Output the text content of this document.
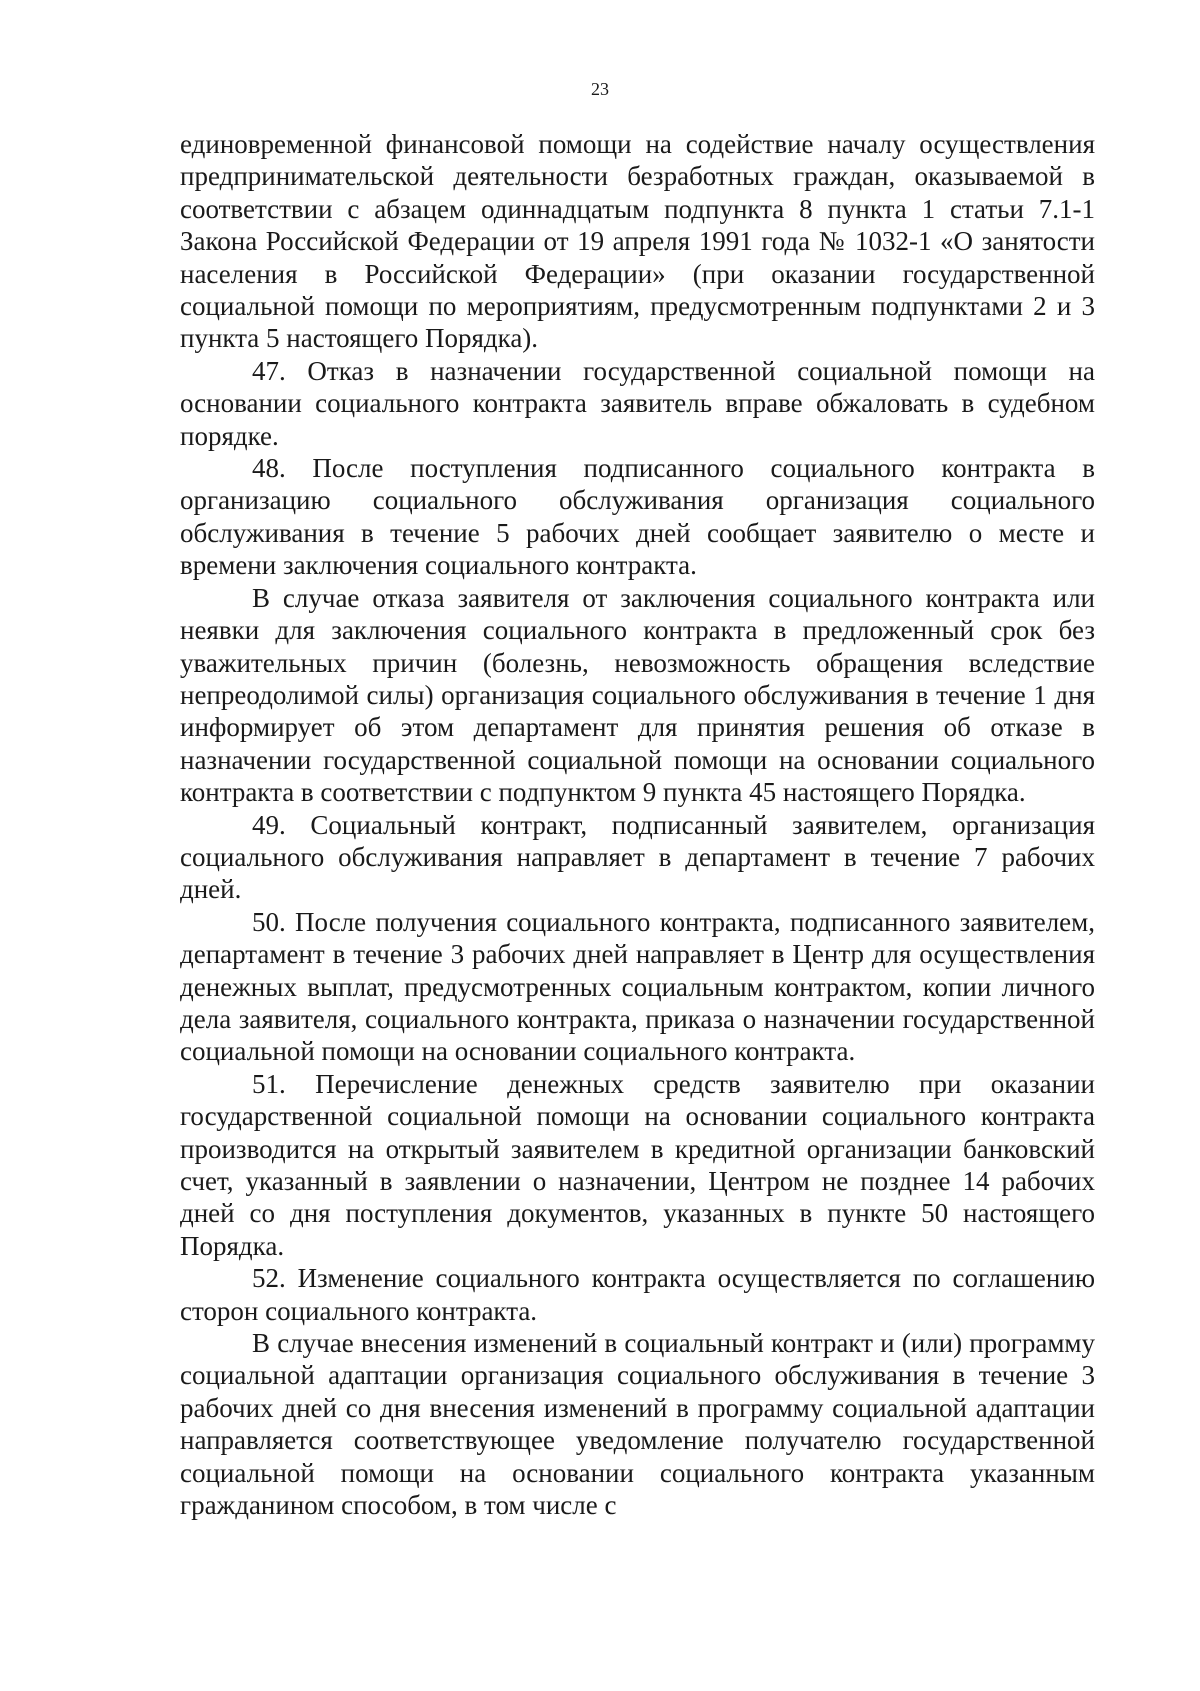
23

единовременной финансовой помощи на содействие началу осуществления предпринимательской деятельности безработных граждан, оказываемой в соответствии с абзацем одиннадцатым подпункта 8 пункта 1 статьи 7.1-1 Закона Российской Федерации от 19 апреля 1991 года № 1032-1 «О занятости населения в Российской Федерации» (при оказании государственной социальной помощи по мероприятиям, предусмотренным подпунктами 2 и 3 пункта 5 настоящего Порядка).

47. Отказ в назначении государственной социальной помощи на основании социального контракта заявитель вправе обжаловать в судебном порядке.

48. После поступления подписанного социального контракта в организацию социального обслуживания организация социального обслуживания в течение 5 рабочих дней сообщает заявителю о месте и времени заключения социального контракта.

В случае отказа заявителя от заключения социального контракта или неявки для заключения социального контракта в предложенный срок без уважительных причин (болезнь, невозможность обращения вследствие непреодолимой силы) организация социального обслуживания в течение 1 дня информирует об этом департамент для принятия решения об отказе в назначении государственной социальной помощи на основании социального контракта в соответствии с подпунктом 9 пункта 45 настоящего Порядка.

49. Социальный контракт, подписанный заявителем, организация социального обслуживания направляет в департамент в течение 7 рабочих дней.

50. После получения социального контракта, подписанного заявителем, департамент в течение 3 рабочих дней направляет в Центр для осуществления денежных выплат, предусмотренных социальным контрактом, копии личного дела заявителя, социального контракта, приказа о назначении государственной социальной помощи на основании социального контракта.

51. Перечисление денежных средств заявителю при оказании государственной социальной помощи на основании социального контракта производится на открытый заявителем в кредитной организации банковский счет, указанный в заявлении о назначении, Центром не позднее 14 рабочих дней со дня поступления документов, указанных в пункте 50 настоящего Порядка.

52. Изменение социального контракта осуществляется по соглашению сторон социального контракта.

В случае внесения изменений в социальный контракт и (или) программу социальной адаптации организация социального обслуживания в течение 3 рабочих дней со дня внесения изменений в программу социальной адаптации направляется соответствующее уведомление получателю государственной социальной помощи на основании социального контракта указанным гражданином способом, в том числе с
